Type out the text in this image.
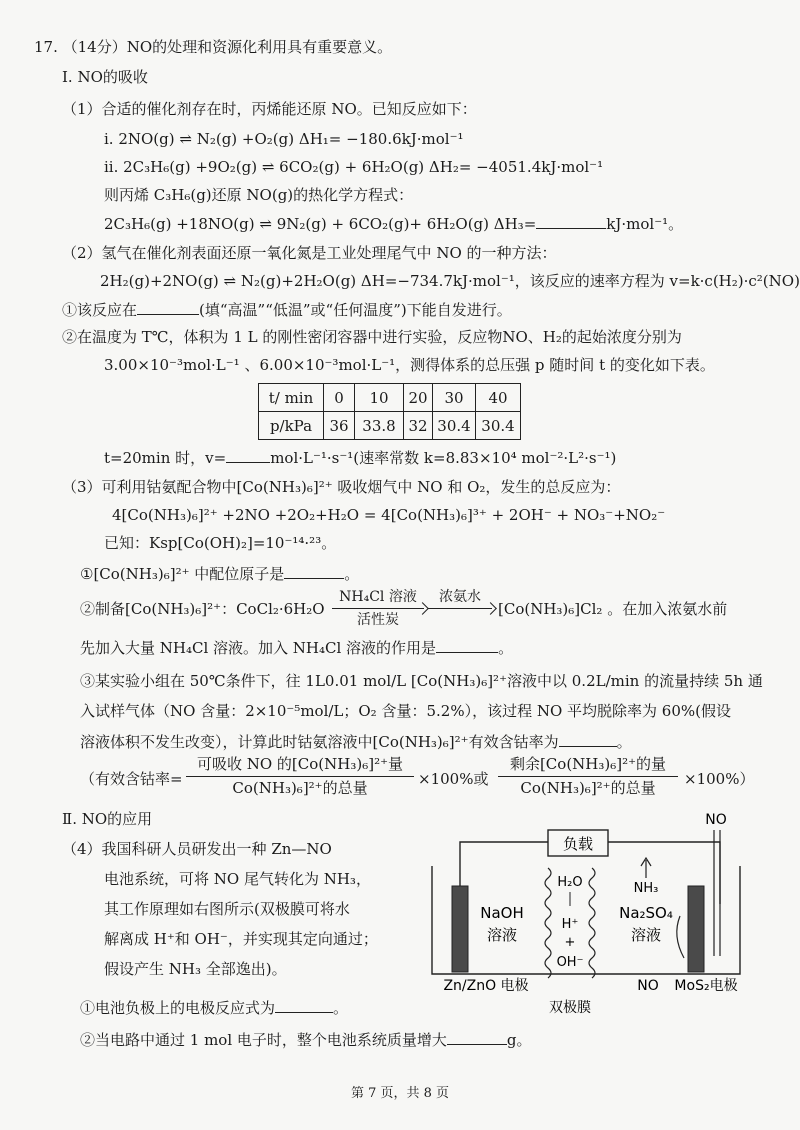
17. （14分）NO的处理和资源化利用具有重要意义。
Ⅰ. NO的吸收
（1）合适的催化剂存在时，丙烯能还原 NO。已知反应如下：
i. 2NO(g) ⇌ N₂(g) +O₂(g) ΔH₁= −180.6kJ·mol⁻¹
ii. 2C₃H₆(g) +9O₂(g) ⇌ 6CO₂(g) + 6H₂O(g) ΔH₂= −4051.4kJ·mol⁻¹
则丙烯 C₃H₆(g)还原 NO(g)的热化学方程式：
2C₃H₆(g) +18NO(g) ⇌ 9N₂(g) + 6CO₂(g)+ 6H₂O(g) ΔH₃=	kJ·mol⁻¹。
（2）氢气在催化剂表面还原一氧化氮是工业处理尾气中 NO 的一种方法：
2H₂(g)+2NO(g) ⇌ N₂(g)+2H₂O(g) ΔH=−734.7kJ·mol⁻¹，该反应的速率方程为 v=k·c(H₂)·c²(NO)
①该反应在	(填“高温”“低温”或“任何温度”)下能自发进行。
②在温度为 T℃，体积为 1 L 的刚性密闭容器中进行实验，反应物NO、H₂的起始浓度分别为
3.00×10⁻³mol·L⁻¹ 、6.00×10⁻³mol·L⁻¹，测得体系的总压强 p 随时间 t 的变化如下表。
t/ min	0	10	20	30	40
p/kPa	36	33.8	32	30.4	30.4
t=20min 时，v=	mol·L⁻¹·s⁻¹(速率常数 k=8.83×10⁴ mol⁻²·L²·s⁻¹)
（3）可利用钴氨配合物中[Co(NH₃)₆]²⁺ 吸收烟气中 NO 和 O₂，发生的总反应为：
4[Co(NH₃)₆]²⁺ +2NO +2O₂+H₂O = 4[Co(NH₃)₆]³⁺ + 2OH⁻ + NO₃⁻+NO₂⁻
已知：Ksp[Co(OH)₂]=10⁻¹⁴·²³。
①[Co(NH₃)₆]²⁺ 中配位原子是	。
②制备[Co(NH₃)₆]²⁺：CoCl₂·6H₂O
NH₄Cl 溶液
活性炭
浓氨水
[Co(NH₃)₆]Cl₂ 。在加入浓氨水前
先加入大量 NH₄Cl 溶液。加入 NH₄Cl 溶液的作用是	。
③某实验小组在 50℃条件下，往 1L0.01 mol/L [Co(NH₃)₆]²⁺溶液中以 0.2L/min 的流量持续 5h 通
入试样气体（NO 含量：2×10⁻⁵mol/L；O₂ 含量：5.2%），该过程 NO 平均脱除率为 60%(假设
溶液体积不发生改变），计算此时钴氨溶液中[Co(NH₃)₆]²⁺有效含钴率为	。
（有效含钴率=
可吸收 NO 的[Co(NH₃)₆]²⁺量
Co(NH₃)₆]²⁺的总量	×100%或
剩余[Co(NH₃)₆]²⁺的量
Co(NH₃)₆]²⁺的总量	×100%）
Ⅱ. NO的应用
（4）我国科研人员研发出一种 Zn—NO
电池系统，可将 NO 尾气转化为 NH₃，
其工作原理如右图所示(双极膜可将水
解离成 H⁺和 OH⁻，并实现其定向通过；
假设产生 NH₃ 全部逸出)。
①电池负极上的电极反应式为	。
②当电路中通过 1 mol 电子时，整个电池系统质量增大	g。
负载
NO
NaOH
溶液
Na₂SO₄
溶液
H₂O
H⁺
+
OH⁻
NH₃
Zn/ZnO 电极	NO MoS₂电极
双极膜
第 7 页，共 8 页
